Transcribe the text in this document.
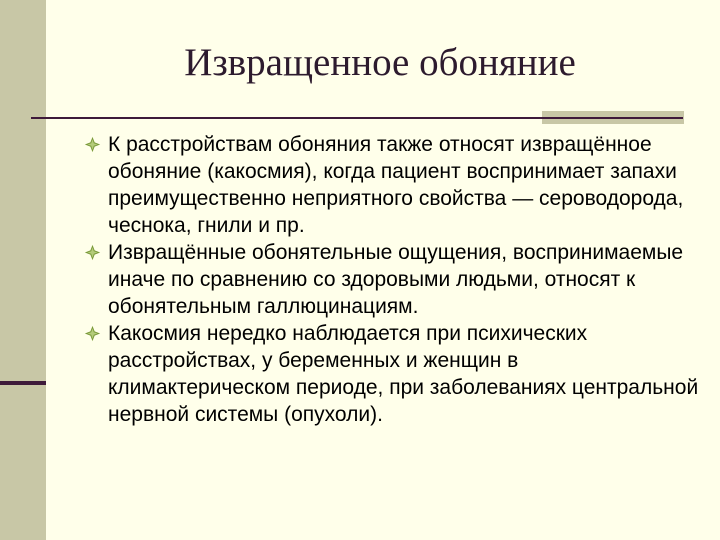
Извращенное обоняние
К расстройствам обоняния также относят извращённое обоняние (какосмия), когда пациент воспринимает запахи преимущественно неприятного свойства — сероводорода, чеснока, гнили и пр.
Извращённые обонятельные ощущения, воспринимаемые иначе по сравнению со здоровыми людьми, относят к обонятельным галлюцинациям.
Какосмия нередко наблюдается при психических расстройствах, у беременных и женщин в климактерическом периоде, при заболеваниях центральной нервной системы (опухоли).
